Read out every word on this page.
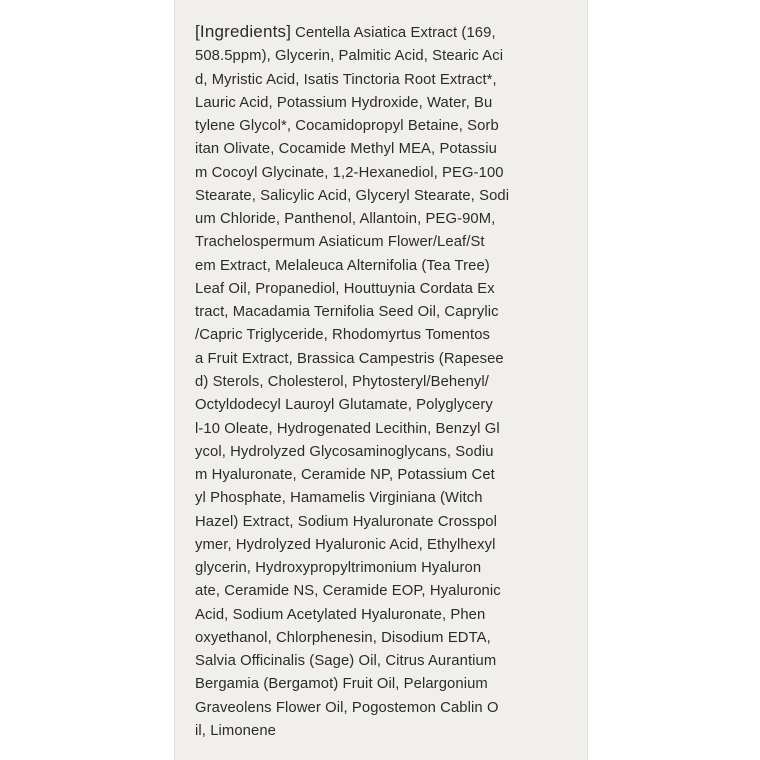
[Ingredients] Centella Asiatica Extract (169,
508.5ppm), Glycerin, Palmitic Acid, Stearic Aci
d, Myristic Acid, Isatis Tinctoria Root Extract*,
Lauric Acid, Potassium Hydroxide, Water, Bu
tylene Glycol*, Cocamidopropyl Betaine, Sorb
itan Olivate, Cocamide Methyl MEA, Potassiu
m Cocoyl Glycinate, 1,2-Hexanediol, PEG-100
Stearate, Salicylic Acid, Glyceryl Stearate, Sodi
um Chloride, Panthenol, Allantoin, PEG-90M,
Trachelospermum Asiaticum Flower/Leaf/St
em Extract, Melaleuca Alternifolia (Tea Tree)
Leaf Oil, Propanediol, Houttuynia Cordata Ex
tract, Macadamia Ternifolia Seed Oil, Caprylic
/Capric Triglyceride, Rhodomyrtus Tomentos
a Fruit Extract, Brassica Campestris (Rapesee
d) Sterols, Cholesterol, Phytosteryl/Behenyl/
Octyldodecyl Lauroyl Glutamate, Polyglycery
l-10 Oleate, Hydrogenated Lecithin, Benzyl Gl
ycol, Hydrolyzed Glycosaminoglycans, Sodiu
m Hyaluronate, Ceramide NP, Potassium Cet
yl Phosphate, Hamamelis Virginiana (Witch
Hazel) Extract, Sodium Hyaluronate Crosspol
ymer, Hydrolyzed Hyaluronic Acid, Ethylhexyl
glycerin, Hydroxypropyltrimonium Hyaluron
ate, Ceramide NS, Ceramide EOP, Hyaluronic
Acid, Sodium Acetylated Hyaluronate, Phen
oxyethanol, Chlorphenesin, Disodium EDTA,
Salvia Officinalis (Sage) Oil, Citrus Aurantium
Bergamia (Bergamot) Fruit Oil, Pelargonium
Graveolens Flower Oil, Pogostemon Cablin O
il, Limonene
